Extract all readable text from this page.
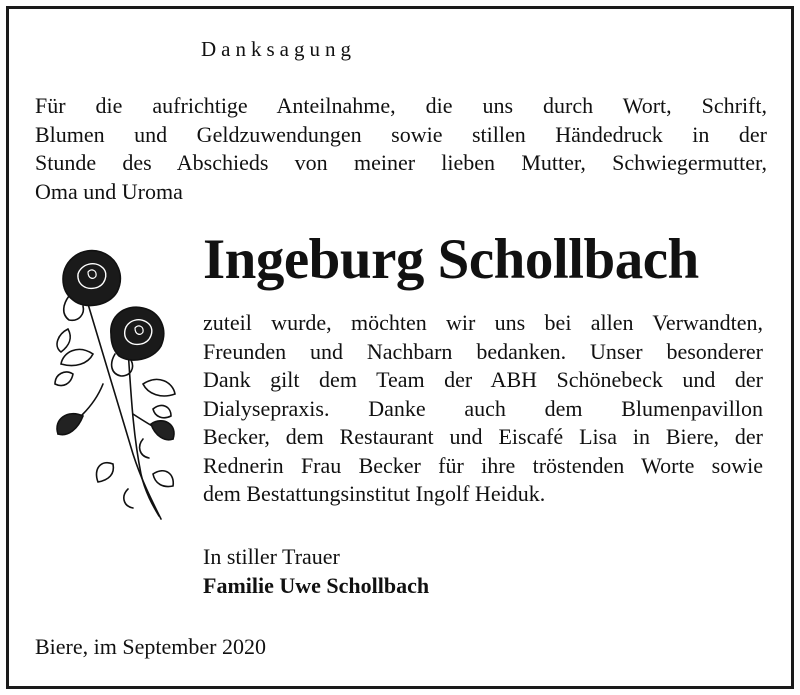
Danksagung
Für die aufrichtige Anteilnahme, die uns durch Wort, Schrift,
Blumen und Geldzuwendungen sowie stillen Händedruck in der
Stunde des Abschieds von meiner lieben Mutter, Schwiegermutter,
Oma und Uroma
Ingeburg Schollbach
zuteil wurde, möchten wir uns bei allen Verwandten,
Freunden und Nachbarn bedanken. Unser besonderer
Dank gilt dem Team der ABH Schönebeck und der
Dialysepraxis. Danke auch dem Blumenpavillon
Becker, dem Restaurant und Eiscafé Lisa in Biere, der
Rednerin Frau Becker für ihre tröstenden Worte sowie
dem Bestattungsinstitut Ingolf Heiduk.
In stiller Trauer
Familie Uwe Schollbach
Biere, im September 2020
